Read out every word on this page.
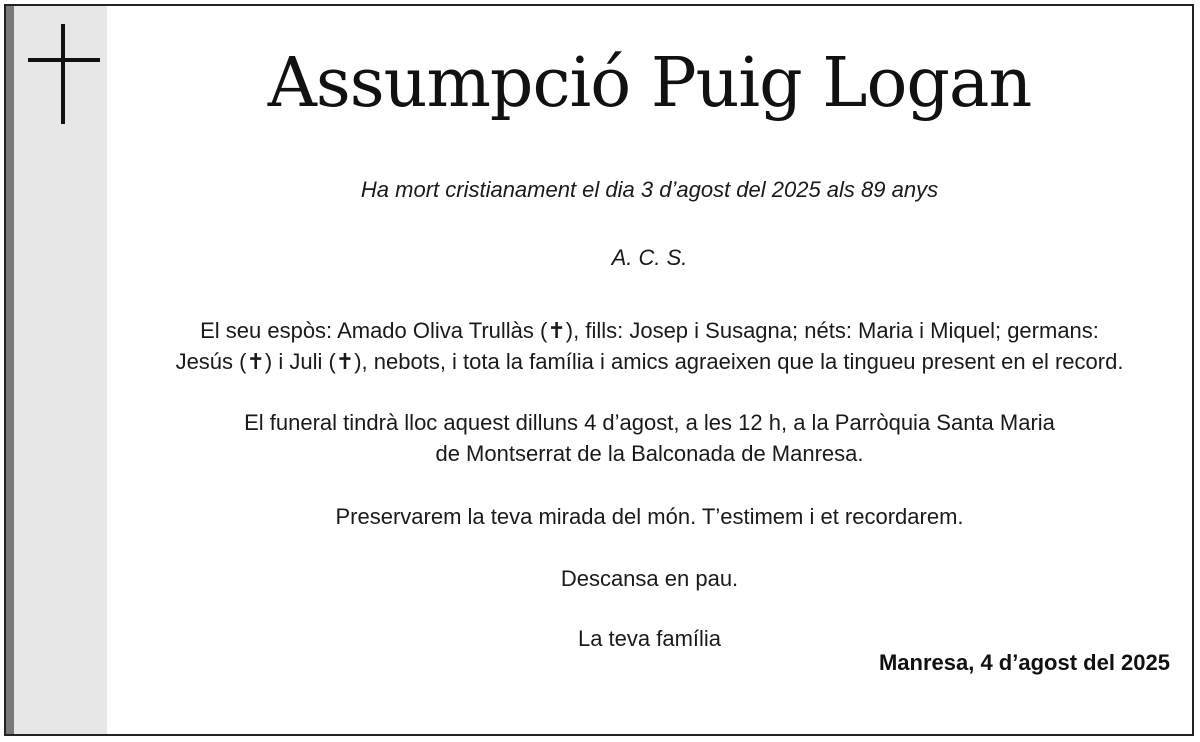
Assumpció Puig Logan

Ha mort cristianament el dia 3 d’agost del 2025 als 89 anys

A. C. S.

El seu espòs: Amado Oliva Trullàs (✝), fills: Josep i Susagna; néts: Maria i Miquel; germans:
Jesús (✝) i Juli (✝), nebots, i tota la família i amics agraeixen que la tingueu present en el record.
El funeral tindrà lloc aquest dilluns 4 d’agost, a les 12 h, a la Parròquia Santa Maria
de Montserrat de la Balconada de Manresa.

Preservarem la teva mirada del món. T’estimem i et recordarem.

Descansa en pau.

La teva família

Manresa, 4 d’agost del 2025
